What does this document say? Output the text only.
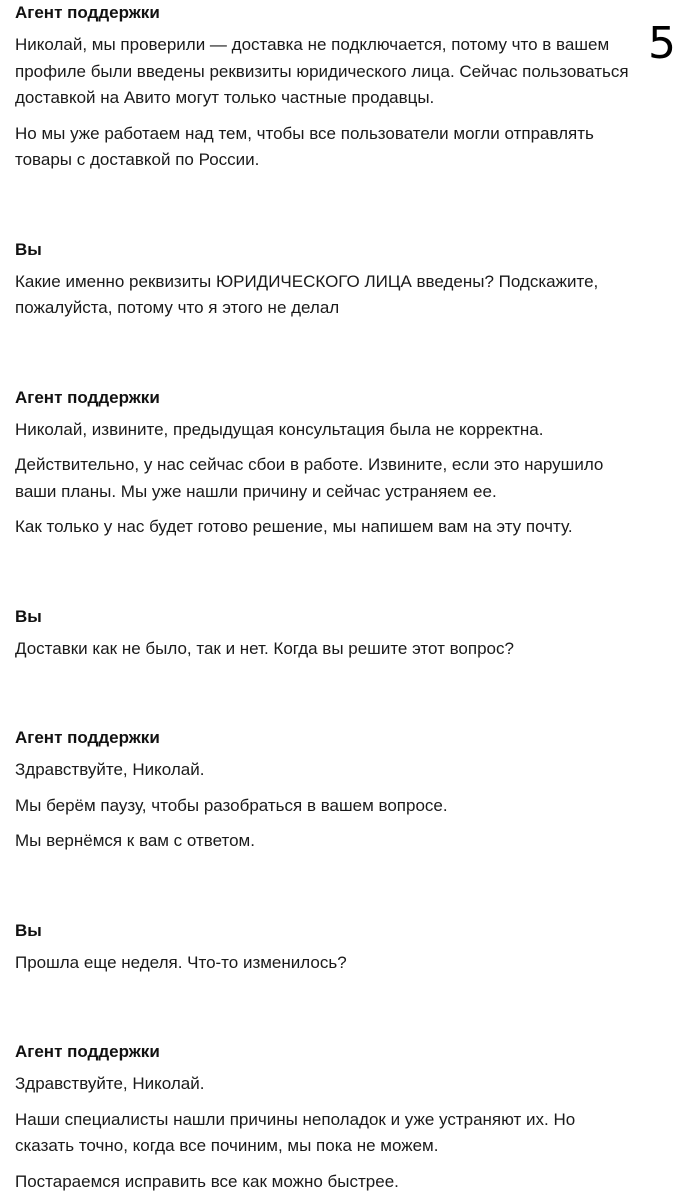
5
Агент поддержки

Николай, мы проверили — доставка не подключается, потому что в вашем профиле были введены реквизиты юридического лица. Сейчас пользоваться доставкой на Авито могут только частные продавцы.

Но мы уже работаем над тем, чтобы все пользователи могли отправлять товары с доставкой по России.

Вы

Какие именно реквизиты ЮРИДИЧЕСКОГО ЛИЦА введены? Подскажите, пожалуйста, потому что я этого не делал

Агент поддержки

Николай, извините, предыдущая консультация была не корректна.

Действительно, у нас сейчас сбои в работе. Извините, если это нарушило ваши планы. Мы уже нашли причину и сейчас устраняем ее.

Как только у нас будет готово решение, мы напишем вам на эту почту.

Вы

Доставки как не было, так и нет. Когда вы решите этот вопрос?

Агент поддержки

Здравствуйте, Николай.

Мы берём паузу, чтобы разобраться в вашем вопросе.

Мы вернёмся к вам с ответом.

Вы

Прошла еще неделя. Что-то изменилось?

Агент поддержки

Здравствуйте, Николай.

Наши специалисты нашли причины неполадок и уже устраняют их. Но сказать точно, когда все починим, мы пока не можем.

Постараемся исправить все как можно быстрее.
